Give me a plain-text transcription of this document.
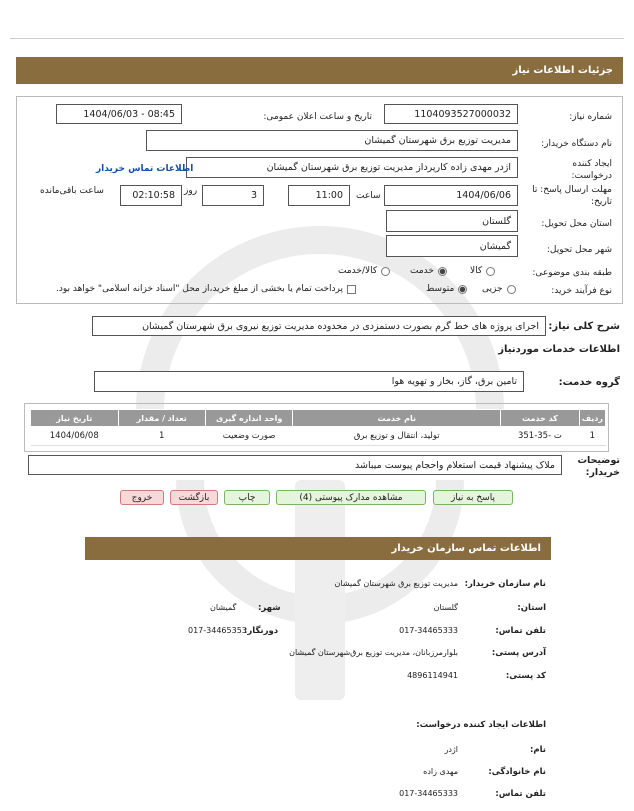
جزئیات اطلاعات نیاز
شماره نیاز:
1104093527000032
تاریخ و ساعت اعلان عمومی:
1404/06/03 - 08:45
نام دستگاه خریدار:
مدیریت توزیع برق شهرستان گمیشان
ایجاد کننده درخواست:
اژدر مهدی زاده کارپرداز مدیریت توزیع برق شهرستان گمیشان
اطلاعات تماس خریدار
مهلت ارسال پاسخ: تا تاریخ:
1404/06/06
ساعت
11:00
3
روز
02:10:58
ساعت باقی‌مانده
استان محل تحویل:
گلستان
شهر محل تحویل:
گمیشان
طبقه بندی موضوعی:
کالا
خدمت
کالا/خدمت
نوع فرآیند خرید:
جزیی
متوسط
پرداخت تمام یا بخشی از مبلغ خرید،از محل "اسناد خزانه اسلامی" خواهد بود.
شرح کلی نیاز:
اجرای پروژه های خط گرم بصورت دستمزدی در محدوده مدیریت توزیع نیروی برق شهرستان گمیشان
اطلاعات خدمات موردنیاز
گروه خدمت:
تامین برق، گاز، بخار و تهویه هوا
ردیف	کد خدمت	نام خدمت	واحد اندازه گیری	تعداد / مقدار	تاریخ نیاز
1	ت -35-351	تولید، انتقال و توزیع برق	صورت وضعیت	1	1404/06/08
توضیحات خریدار:
ملاک پیشنهاد قیمت استعلام واحجام پیوست میباشد
پاسخ به نیاز
مشاهده مدارک پیوستی (4)
چاپ
بازگشت
خروج
اطلاعات تماس سازمان خریدار
نام سازمان خریدار:
مدیریت توزیع برق شهرستان گمیشان
استان:
گلستان
شهر:
گمیشان
تلفن تماس:
017-34465333
دورنگار:
017-34465353
آدرس پستی:
بلوارمرزبانان، مدیریت توزیع برق‌شهرستان گمیشان
کد پستی:
4896114941
اطلاعات ایجاد کننده درخواست:
نام:
اژدر
نام خانوادگی:
مهدی زاده
تلفن تماس:
017-34465333
